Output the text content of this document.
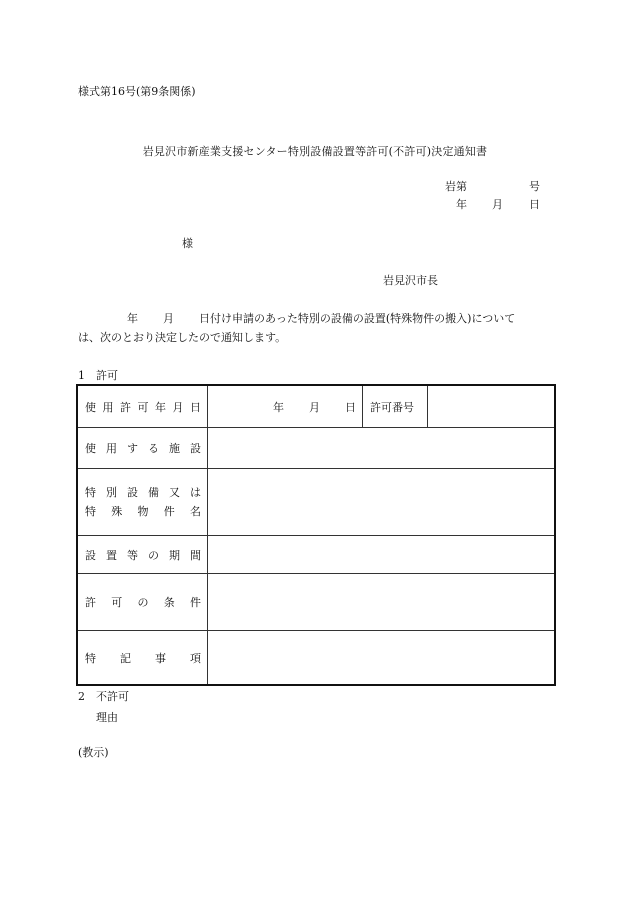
様式第16号(第9条関係)
岩見沢市新産業支援センター特別設備設置等許可(不許可)決定通知書
岩第	号
年 月 日
様
岩見沢市長
年 月 日付け申請のあった特別の設備の設置(特殊物件の搬入)について
は、次のとおり決定したので通知します。
1　許可
使 用 許 可 年 月 日	年 月 日 許可番号
使 用 す る 施 設
特 別 設 備 又 は
特 殊 物 件 名
設 置 等 の 期 間
許 可 の 条 件
特 記 事 項
2　不許可
理由
(教示)
